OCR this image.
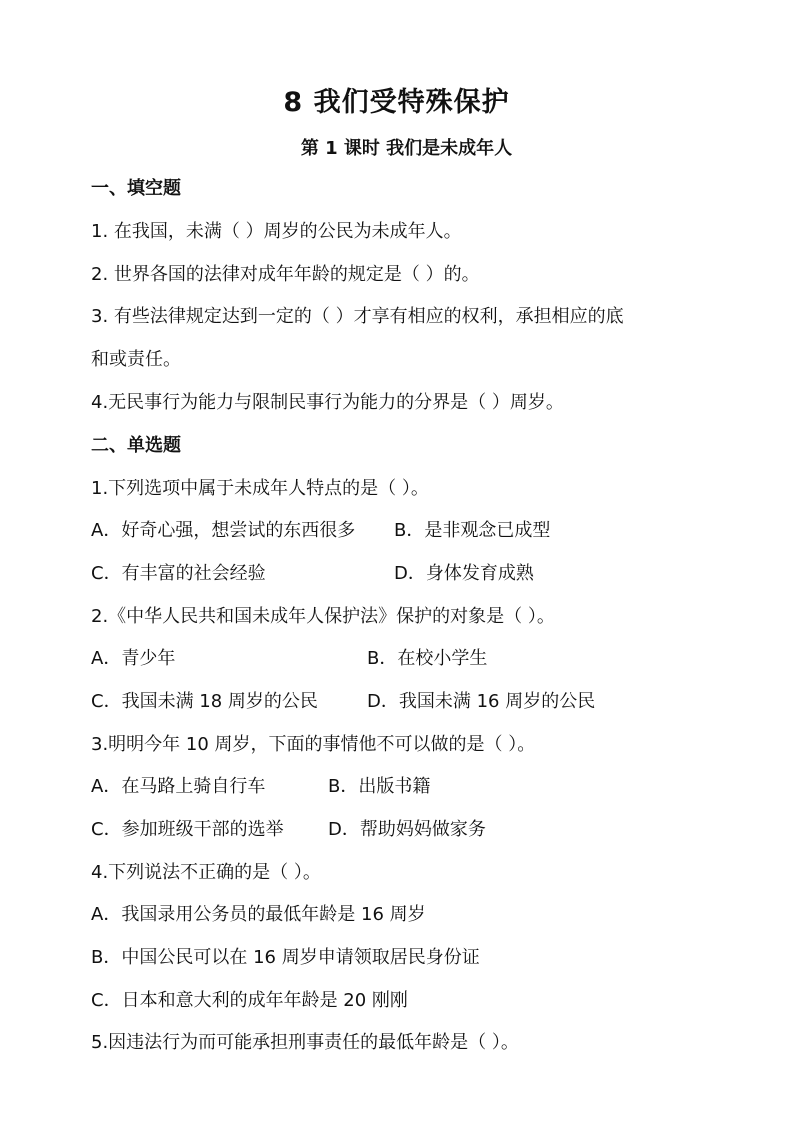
8 我们受特殊保护
第 1 课时 我们是未成年人
一、填空题
1. 在我国，未满（ ）周岁的公民为未成年人。
2. 世界各国的法律对成年年龄的规定是（ ）的。
3. 有些法律规定达到一定的（ ）才享有相应的权利，承担相应的底
和或责任。
4.无民事行为能力与限制民事行为能力的分界是（ ）周岁。
二、单选题
1.下列选项中属于未成年人特点的是（ ）。
A．好奇心强，想尝试的东西很多 B．是非观念已成型
C．有丰富的社会经验	D．身体发育成熟
2.《中华人民共和国未成年人保护法》保护的对象是（ ）。
A．青少年	B．在校小学生
C．我国未满 18 周岁的公民	D．我国未满 16 周岁的公民
3.明明今年 10 周岁，下面的事情他不可以做的是（ ）。
A．在马路上骑自行车	B．出版书籍
C．参加班级干部的选举 D．帮助妈妈做家务
4.下列说法不正确的是（ ）。
A．我国录用公务员的最低年龄是 16 周岁
B．中国公民可以在 16 周岁申请领取居民身份证
C．日本和意大利的成年年龄是 20 刚刚
5.因违法行为而可能承担刑事责任的最低年龄是（ ）。
